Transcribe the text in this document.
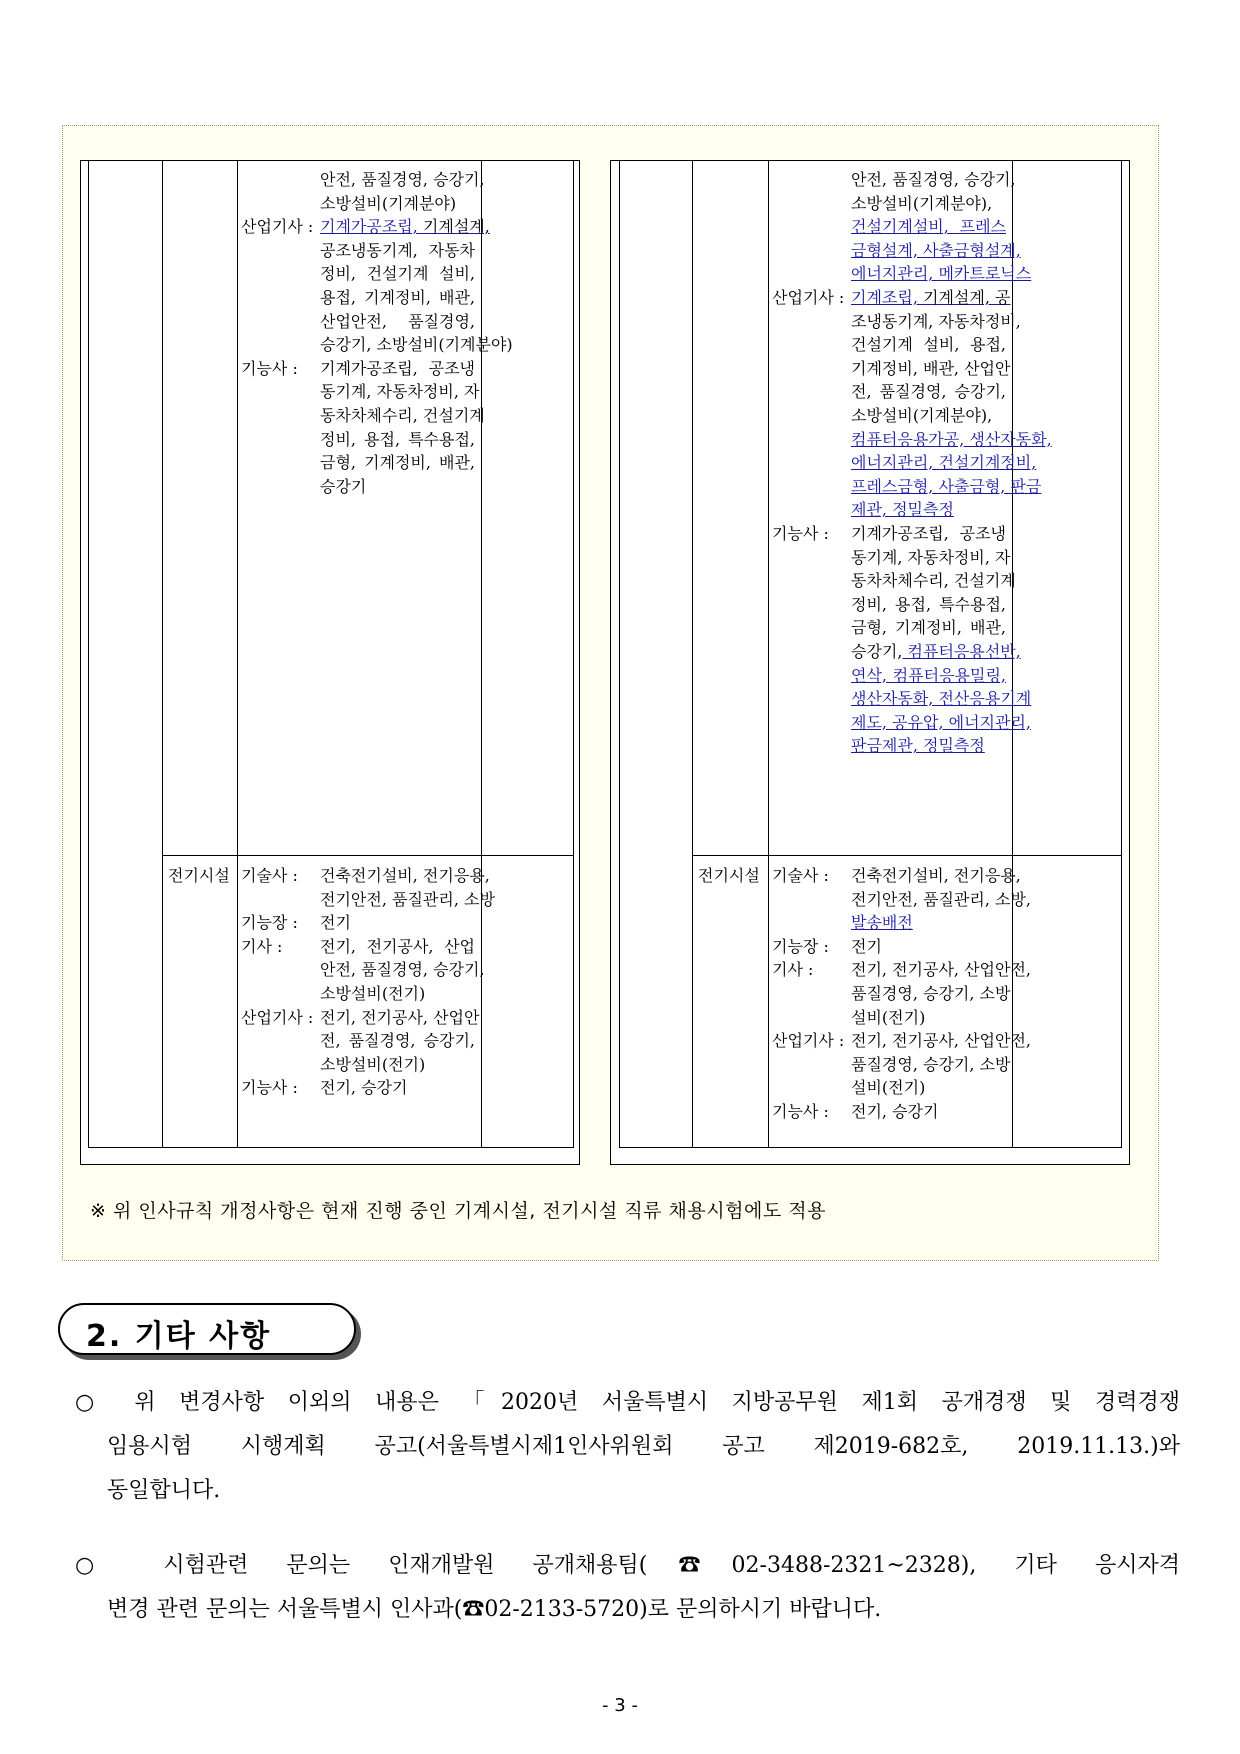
안전, 품질경영, 승강기,
소방설비(기계분야)
산업기사 : 기계가공조립, 기계설계,
공조냉동기계, 자동차
정비, 건설기계 설비,
용접, 기계정비, 배관,
산업안전, 품질경영,
승강기, 소방설비(기계분야)
기능사 : 기계가공조립, 공조냉
동기계, 자동차정비, 자
동차차체수리, 건설기계
정비, 용접, 특수용접,
금형, 기계정비, 배관,
승강기
기술사 : 건축전기설비, 전기응용,
전기안전, 품질관리, 소방
기능장 : 전기
기사 : 전기, 전기공사, 산업
안전, 품질경영, 승강기,
소방설비(전기)
산업기사 : 전기, 전기공사, 산업안
전, 품질경영, 승강기,
소방설비(전기)
기능사 : 전기, 승강기
안전, 품질경영, 승강기,
소방설비(기계분야),
건설기계설비, 프레스
금형설계, 사출금형설계,
에너지관리, 메카트로닉스
산업기사 : 기계조립, 기계설계, 공
조냉동기계, 자동차정비,
건설기계 설비, 용접,
기계정비, 배관, 산업안
전, 품질경영, 승강기,
소방설비(기계분야),
컴퓨터응용가공, 생산자동화,
에너지관리, 건설기계정비,
프레스금형, 사출금형, 판금
제관, 정밀측정
기능사 : 기계가공조립, 공조냉
동기계, 자동차정비, 자
동차차체수리, 건설기계
정비, 용접, 특수용접,
금형, 기계정비, 배관,
승강기, 컴퓨터응용선반,
연삭, 컴퓨터응용밀링,
생산자동화, 전산응용기계
제도, 공유압, 에너지관리,
판금제관, 정밀측정
기술사 : 건축전기설비, 전기응용,
전기안전, 품질관리, 소방,
발송배전
기능장 : 전기
기사 : 전기, 전기공사, 산업안전,
품질경영, 승강기, 소방
설비(전기)
산업기사 : 전기, 전기공사, 산업안전,
품질경영, 승강기, 소방
설비(전기)
기능사 : 전기, 승강기
전기시설	전기시설
※ 위 인사규칙 개정사항은 현재 진행 중인 기계시설, 전기시설 직류 채용시험에도 적용
2. 기타 사항
○ 위 변경사항 이외의 내용은 「2020년 서울특별시 지방공무원 제1회 공개경쟁 및 경력경쟁
임용시험 시행계획 공고(서울특별시제1인사위원회 공고 제2019-682호, 2019.11.13.)와
동일합니다.
○ 시험관련 문의는 인재개발원 공개채용팀(☎02-3488-2321~2328), 기타 응시자격
변경 관련 문의는 서울특별시 인사과(☎02-2133-5720)로 문의하시기 바랍니다.
- 3 -
